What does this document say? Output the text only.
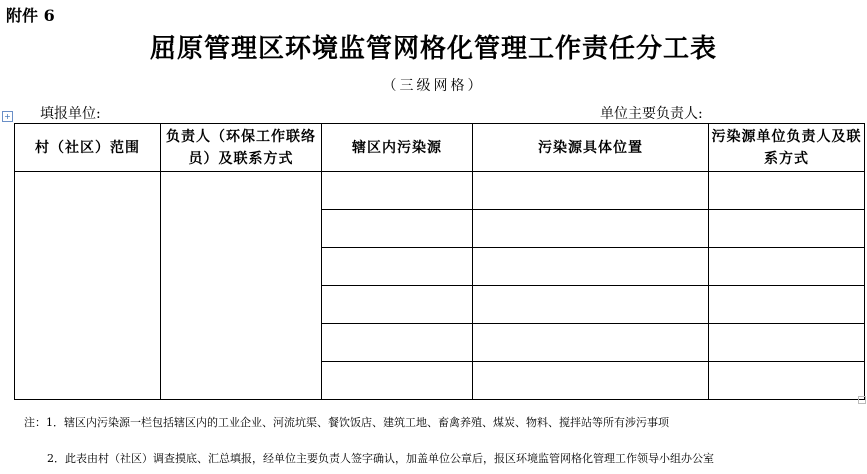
附件 6
屈原管理区环境监管网格化管理工作责任分工表
（三级网格）
+ 填报单位:	单位主要负责人:
村（社区）范围	负责人（环保工作联络员）及联系方式	辖区内污染源	污染源具体位置	污染源单位负责人及联系方式

注：1．辖区内污染源一栏包括辖区内的工业企业、河流坑渠、餐饮饭店、建筑工地、畜禽养殖、煤炭、物料、搅拌站等所有涉污事项
2．此表由村（社区）调查摸底、汇总填报，经单位主要负责人签字确认，加盖单位公章后，报区环境监管网格化管理工作领导小组办公室
